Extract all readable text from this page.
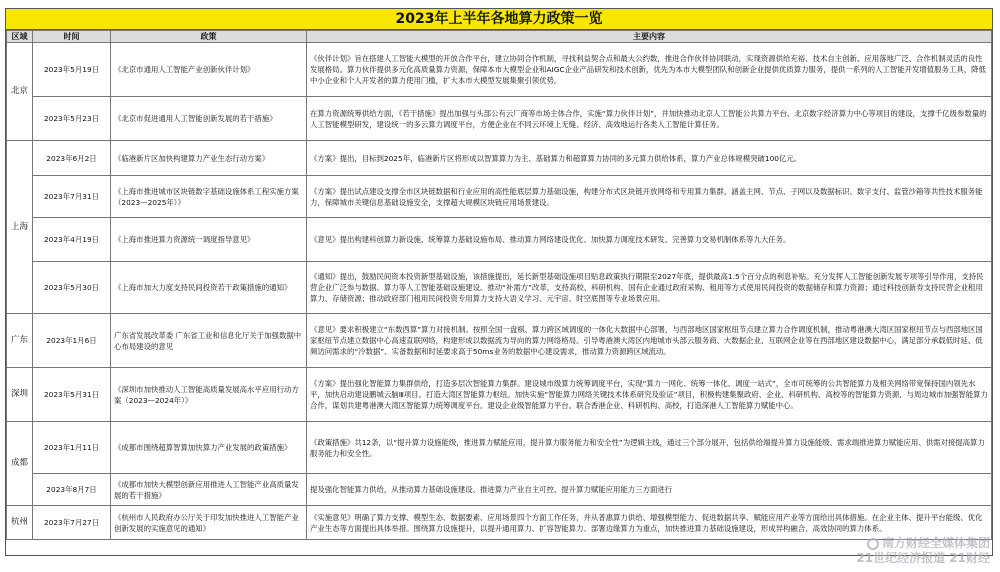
2023年上半年各地算力政策一览
区域	时间	政策	主要内容
北京	2023年5月19日	《北京市通用人工智能产业创新伙伴计划》	《伙伴计划》旨在搭建人工智能大模型的开放合作平台，建立协同合作机制，寻找利益契合点和最大公约数，推进合作伙伴协同联动，实现资源供给充裕、技术自主创新、应用落地广泛、合作机制灵活的良性发展格局。算力伙伴提供多元化高质量算力资源，保障本市大模型企业和AIGC企业产品研发和技术创新，优先为本市大模型团队和创新企业提供优质算力服务，提供一系列的人工智能开发增值服务工具，降低中小企业和个人开发者的算力使用门槛，扩大本市大模型发展集聚引领优势。
	2023年5月23日	《北京市促进通用人工智能创新发展的若干措施》	在算力资源统筹供给方面，《若干措施》提出加强与头部公有云厂商等市场主体合作，实施“算力伙伴计划”，并加快推动北京人工智能公共算力平台、北京数字经济算力中心等项目的建设，支撑千亿级参数量的人工智能模型研发，建设统一的多云算力调度平台，方便企业在不同云环境上无缝、经济、高效地运行各类人工智能计算任务。
上海	2023年6月2日	《临港新片区加快构建算力产业生态行动方案》	《方案》提出，目标到2025年，临港新片区将形成以智算算力为主、基础算力和超算算力协同的多元算力供给体系，算力产业总体规模突破100亿元。
	2023年7月31日	《上海市推进城市区块链数字基础设施体系工程实施方案（2023—2025年）》	《方案》提出试点建设支撑全市区块链数据和行业应用的高性能底层算力基础设施，构建分布式区块链开放网络和专用算力集群，涵盖主网、节点、子网以及数据标识、数字支付、监管沙箱等共性技术服务能力，保障城市关键信息基础设施安全，支撑超大规模区块链应用场景建设。
	2023年4月19日	《上海市推进算力资源统一调度指导意见》	《意见》提出构建科创算力新设施、统筹算力基础设施布局、推动算力网络建设优化、加快算力调度技术研发、完善算力交易机制体系等九大任务。
	2023年5月30日	《上海市加大力度支持民间投资若干政策措施的通知》	《通知》提出，鼓励民间资本投资新型基础设施，该措施提出，延长新型基础设施项目贴息政策执行期限至2027年底，提供最高1.5个百分点的利息补贴。充分发挥人工智能创新发展专项等引导作用，支持民营企业广泛参与数据、算力等人工智能基础设施建设。推动“补需方”改革，支持高校、科研机构、国有企业通过政府采购、租用等方式使用民间投资的数据储存和算力资源；通过科技创新券支持民营企业租用算力、存储资源；推动政府部门租用民间投资专用算力支持大语义学习、元宇宙、时空底图等专业场景应用。
广东	2023年1月6日	广东省发展改革委 广东省工业和信息化厅关于加强数据中心布局建设的意见	《意见》要求积极建立“东数西算”算力对接机制。按照全国一盘棋、算力跨区域调度的一体化大数据中心部署，与西部地区国家枢纽节点建立算力合作调度机制，推动粤港澳大湾区国家枢纽节点与西部地区国家枢纽节点建立数据中心高速直联网络，构建形成以数据流为导向的算力网络格局。引导粤港澳大湾区内地城市头部云服务商、大数据企业、互联网企业等在西部地区建设数据中心，满足部分承载低时延、低频访问需求的“冷数据”、实备数据和时延要求高于50ms业务的数据中心建设需求，推动算力资源跨区域流动。
深圳	2023年5月31日	《深圳市加快推动人工智能高质量发展高水平应用行动方案（2023—2024年）》	《方案》提出强化智能算力集群供给，打造多层次智能算力集群。建设城市级算力统筹调度平台，实现“算力一网化、统筹一体化、调度一站式”，全市可统筹的公共智能算力及相关网络带宽保持国内领先水平，加快启动建设鹏城云脑Ⅲ项目。打造大湾区智能算力枢纽。加快实施“智能算力网络关键技术体系研究及验证”项目，积极构建集聚政府、企业、科研机构、高校等的智能算力资源，与周边城市加强智能算力合作，谋划共建粤港澳大湾区智能算力统筹调度平台。建设企业级智能算力平台。联合香港企业、科研机构、高校，打造深港人工智能算力赋能中心。
成都	2023年1月11日	《成都市围绕超算智算加快算力产业发展的政策措施》	《政策措施》共12条，以“提升算力设施能级，推进算力赋能应用，提升算力服务能力和安全性”为逻辑主线，通过三个部分展开，包括供给端提升算力设施能级、需求端推进算力赋能应用、供需对接提高算力服务能力和安全性。
	2023年8月7日	《成都市加快大模型创新应用推进人工智能产业高质量发展的若干措施》	提及强化智能算力供给，从推动算力基础设施建设、推进算力产业自主可控、提升算力赋能应用能力三方面进行
杭州	2023年7月27日	《杭州市人民政府办公厅关于印发加快推进人工智能产业创新发展的实施意见的通知》	《实施意见》明确了算力支撑、模型生态、数据要素、应用场景四个方面工作任务，并从普惠算力供给、增强模型能力、促进数据共享、赋能应用产业等方面给出具体措施。在企业主体、提升平台能级、优化产业生态等方面提出具体举措。围绕算力设施提升，以提升通用算力、扩容智能算力、部署边缘算力为重点，加快推进算力基础设施建设，形成异构融合、高效协同的算力体系。
南方财经全媒体集团
21世纪经济报道 21财经
